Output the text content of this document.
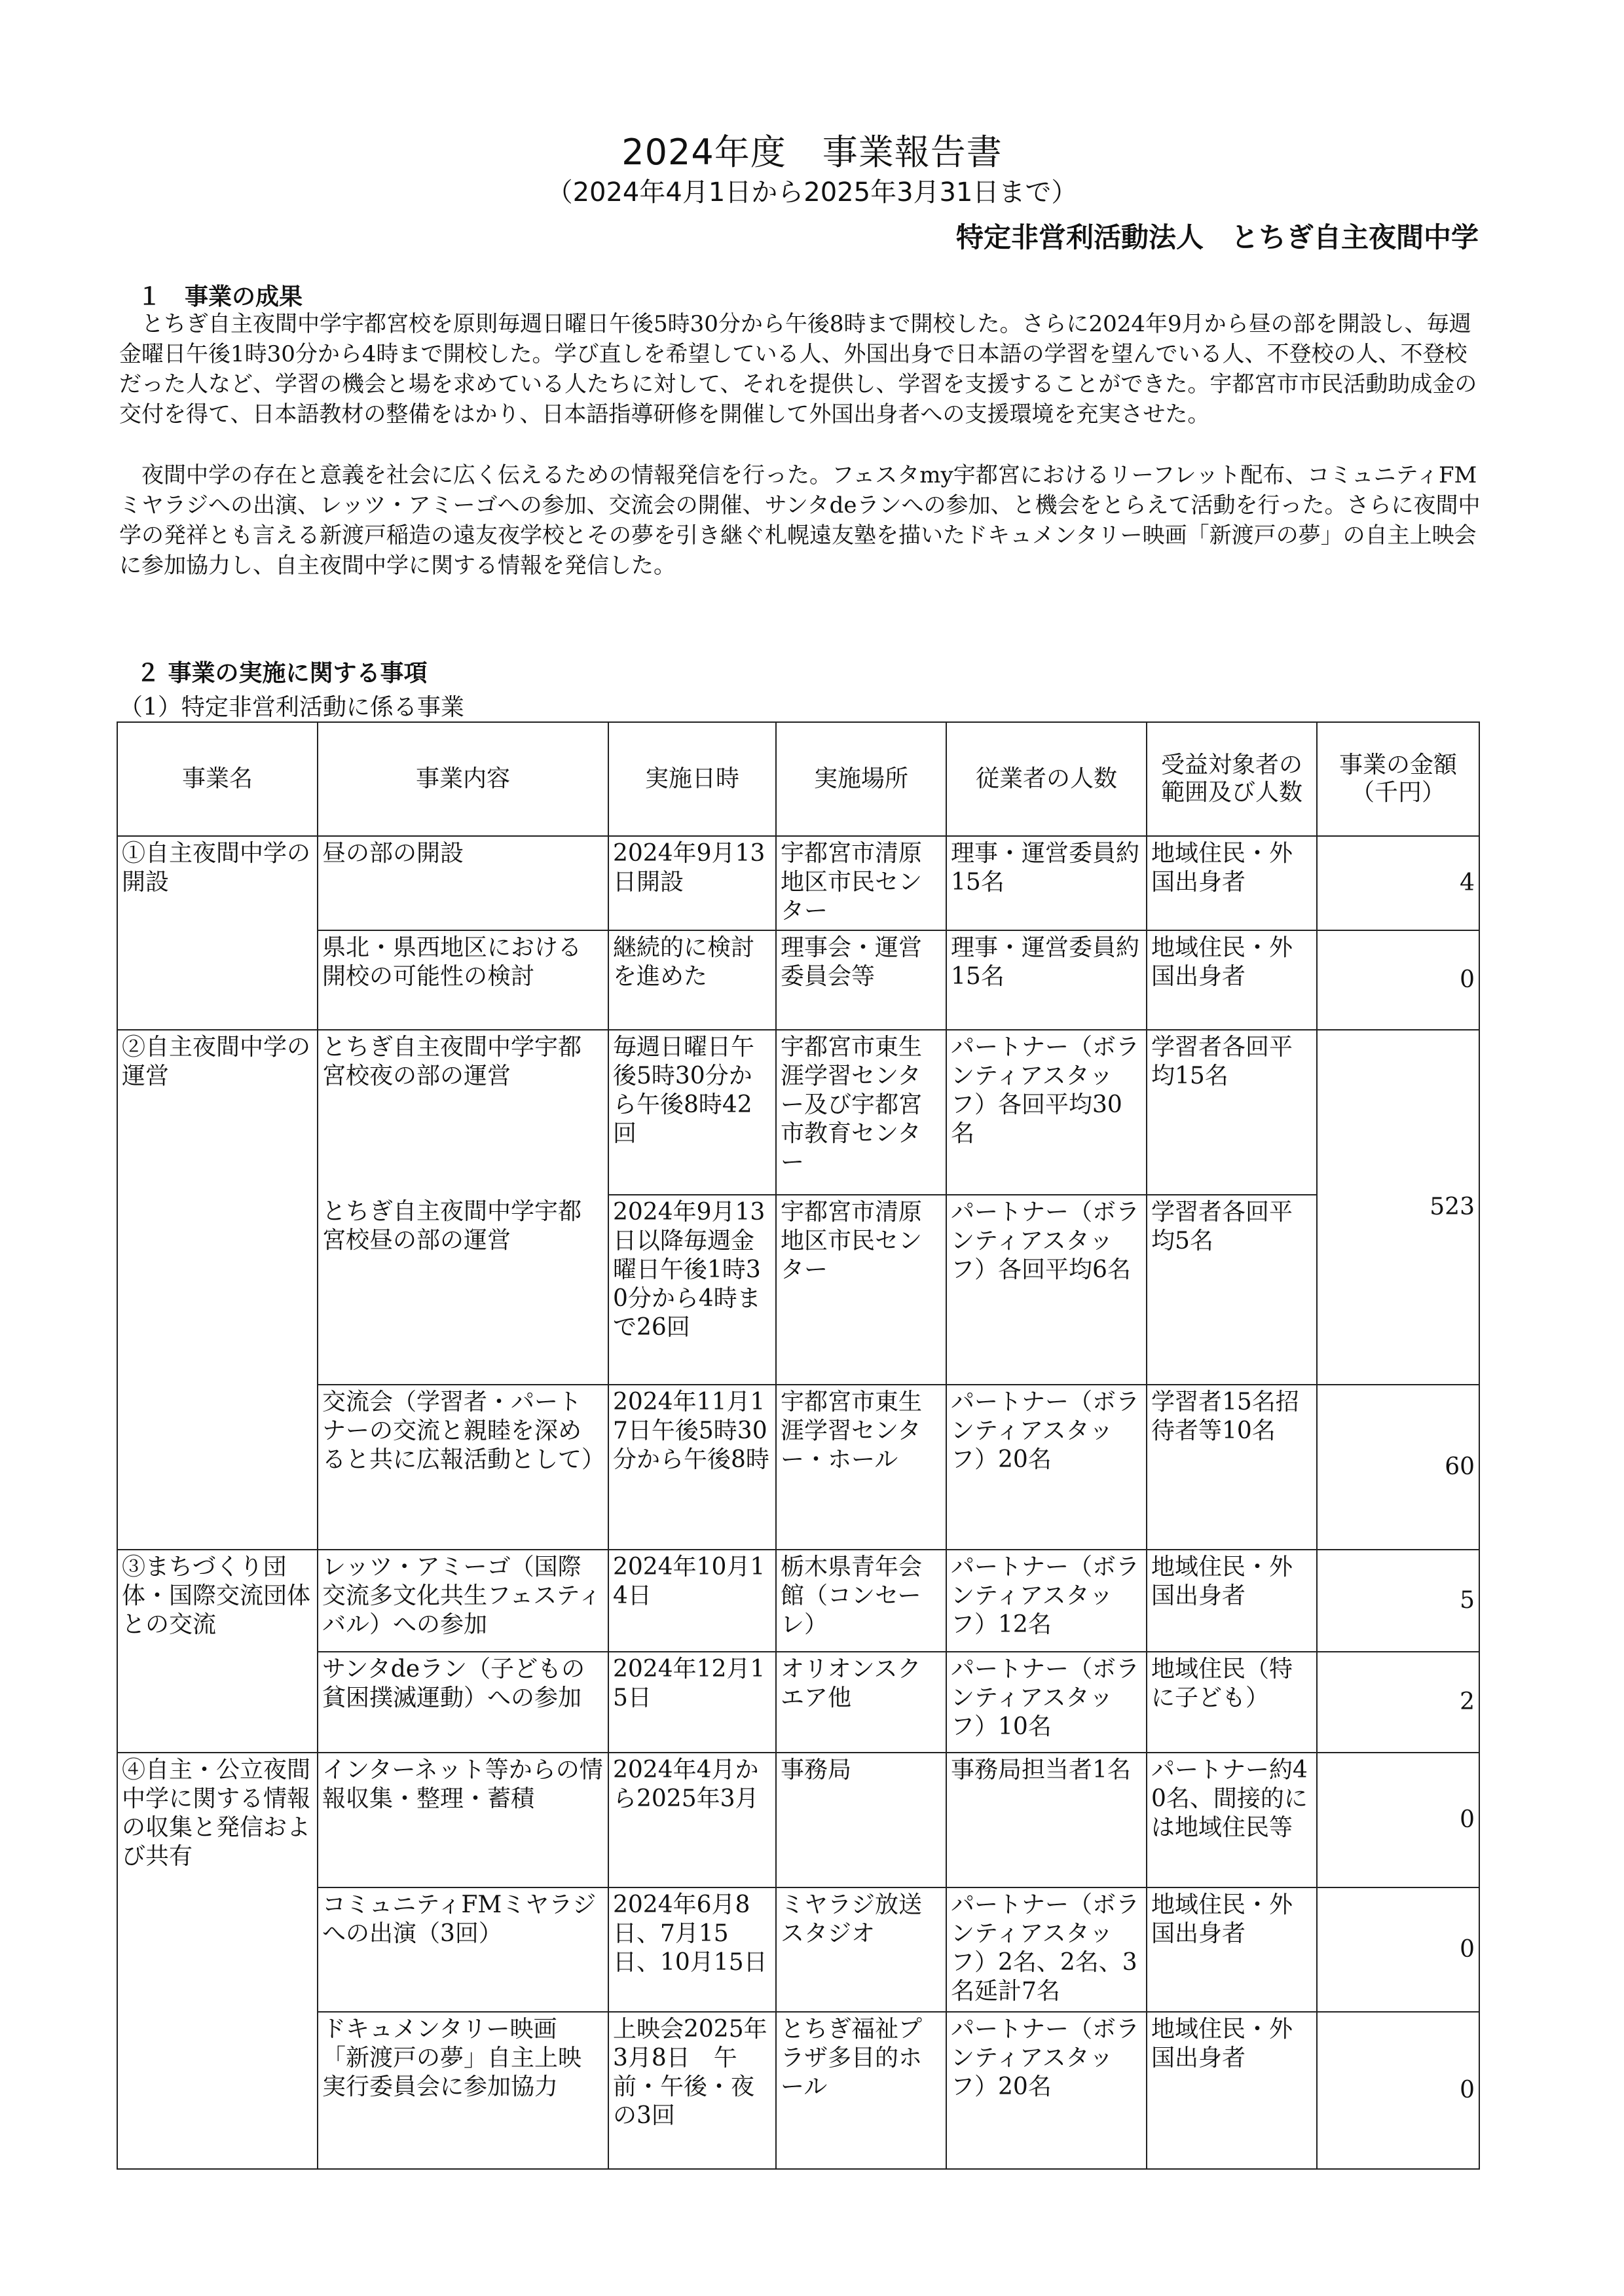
2024年度　事業報告書
（2024年4月1日から2025年3月31日まで）
特定非営利活動法人　とちぎ自主夜間中学
１　事業の成果
とちぎ自主夜間中学宇都宮校を原則毎週日曜日午後5時30分から午後8時まで開校した。さらに2024年9月から昼の部を開設し、毎週金曜日午後1時30分から4時まで開校した。学び直しを希望している人、外国出身で日本語の学習を望んでいる人、不登校の人、不登校だった人など、学習の機会と場を求めている人たちに対して、それを提供し、学習を支援することができた。宇都宮市市民活動助成金の交付を得て、日本語教材の整備をはかり、日本語指導研修を開催して外国出身者への支援環境を充実させた。
夜間中学の存在と意義を社会に広く伝えるための情報発信を行った。フェスタmy宇都宮におけるリーフレット配布、コミュニティFMミヤラジへの出演、レッツ・アミーゴへの参加、交流会の開催、サンタdeランへの参加、と機会をとらえて活動を行った。さらに夜間中学の発祥とも言える新渡戸稲造の遠友夜学校とその夢を引き継ぐ札幌遠友塾を描いたドキュメンタリー映画「新渡戸の夢」の自主上映会に参加協力し、自主夜間中学に関する情報を発信した。
２ 事業の実施に関する事項
（1）特定非営利活動に係る事業
事業名	事業内容	実施日時	実施場所	従業者の人数	受益対象者の範囲及び人数	事業の金額（千円）
①自主夜間中学の開設	昼の部の開設	2024年9月13日開設	宇都宮市清原地区市民センター	理事・運営委員約15名	地域住民・外国出身者	4
	県北・県西地区における開校の可能性の検討	継続的に検討を進めた	理事会・運営委員会等	理事・運営委員約15名	地域住民・外国出身者	0
②自主夜間中学の運営	とちぎ自主夜間中学宇都宮校夜の部の運営	毎週日曜日午後5時30分から午後8時42回	宇都宮市東生涯学習センター及び宇都宮市教育センター	パートナー（ボランティアスタッフ）各回平均30名	学習者各回平均15名	523
	とちぎ自主夜間中学宇都宮校昼の部の運営	2024年9月13日以降毎週金曜日午後1時30分から4時まで26回	宇都宮市清原地区市民センター	パートナー（ボランティアスタッフ）各回平均6名	学習者各回平均5名	
	交流会（学習者・パートナーの交流と親睦を深めると共に広報活動として）	2024年11月17日午後5時30分から午後8時	宇都宮市東生涯学習センター・ホール	パートナー（ボランティアスタッフ）20名	学習者15名招待者等10名	60
③まちづくり団体・国際交流団体との交流	レッツ・アミーゴ（国際交流多文化共生フェスティバル）への参加	2024年10月14日	栃木県青年会館（コンセーレ）	パートナー（ボランティアスタッフ）12名	地域住民・外国出身者	5
	サンタdeラン（子どもの貧困撲滅運動）への参加	2024年12月15日	オリオンスクエア他	パートナー（ボランティアスタッフ）10名	地域住民（特に子ども）	2
④自主・公立夜間中学に関する情報の収集と発信および共有	インターネット等からの情報収集・整理・蓄積	2024年4月から2025年3月	事務局	事務局担当者1名	パートナー約40名、間接的には地域住民等	0
	コミュニティFMミヤラジへの出演（3回）	2024年6月8日、7月15日、10月15日	ミヤラジ放送スタジオ	パートナー（ボランティアスタッフ）2名、2名、3名延計7名	地域住民・外国出身者	0
	ドキュメンタリー映画「新渡戸の夢」自主上映実行委員会に参加協力	上映会2025年3月8日　午前・午後・夜の3回	とちぎ福祉プラザ多目的ホール	パートナー（ボランティアスタッフ）20名	地域住民・外国出身者	0
